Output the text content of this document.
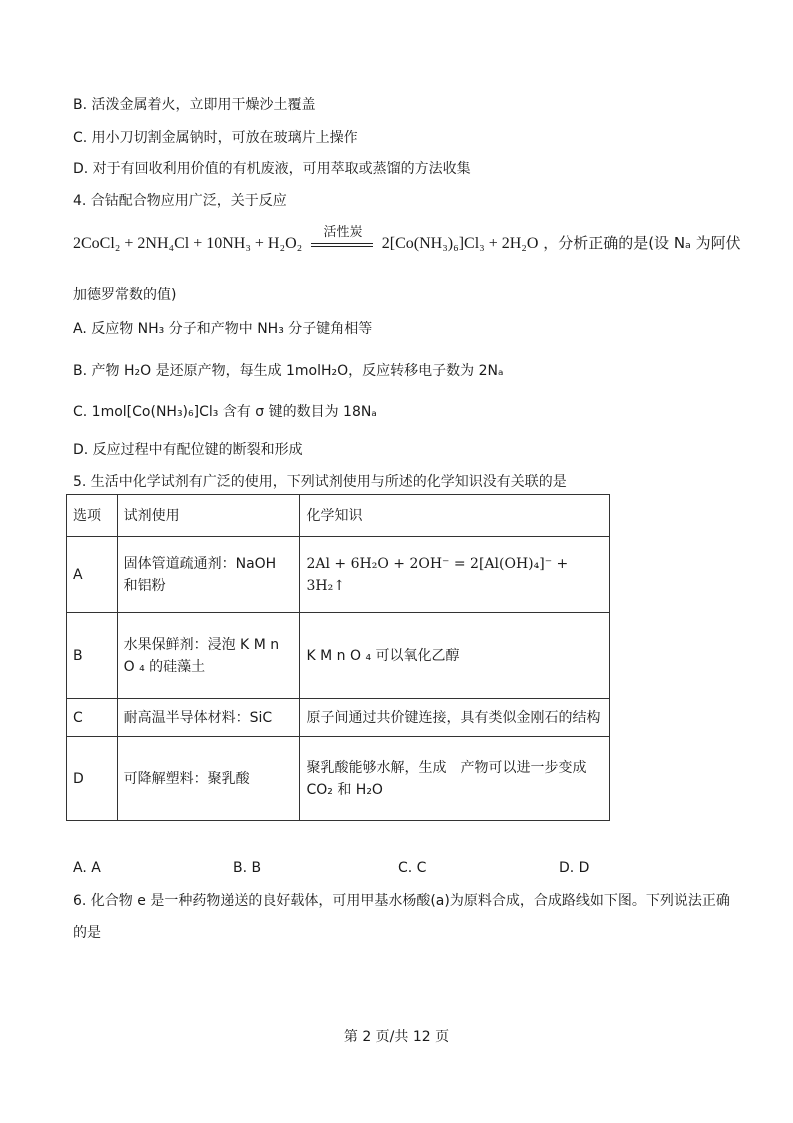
B. 活泼金属着火，立即用干燥沙土覆盖
C. 用小刀切割金属钠时，可放在玻璃片上操作
D. 对于有回收利用价值的有机废液，可用萃取或蒸馏的方法收集
4. 合钴配合物应用广泛，关于反应
2CoCl₂ + 2NH₄Cl + 10NH₃ + H₂O₂
活性炭
2[Co(NH₃)₆]Cl₃ + 2H₂O ，分析正确的是(设 Nₐ 为阿伏
加德罗常数的值)
A. 反应物 NH₃ 分子和产物中 NH₃ 分子键角相等
B. 产物 H₂O 是还原产物，每生成 1molH₂O，反应转移电子数为 2Nₐ
C. 1mol[Co(NH₃)₆]Cl₃ 含有 σ 键的数目为 18Nₐ
D. 反应过程中有配位键的断裂和形成
5. 生活中化学试剂有广泛的使用，下列试剂使用与所述的化学知识没有关联的是
选项	试剂使用	化学知识
A	固体管道疏通剂：NaOH 和铝粉	2Al + 6H₂O + 2OH⁻ = 2[Al(OH)₄]⁻ + 3H₂↑
B	水果保鲜剂：浸泡 K M n O ₄ 的硅藻土	K M n O ₄ 可以氧化乙醇
C	耐高温半导体材料：SiC	原子间通过共价键连接，具有类似金刚石的结构
D	可降解塑料：聚乳酸	聚乳酸能够水解，生成　产物可以进一步变成 CO₂ 和 H₂O
A. A	B. B	C. C	D. D
6. 化合物 e 是一种药物递送的良好载体，可用甲基水杨酸(a)为原料合成，合成路线如下图。下列说法正确
的是
第 2 页/共 12 页
